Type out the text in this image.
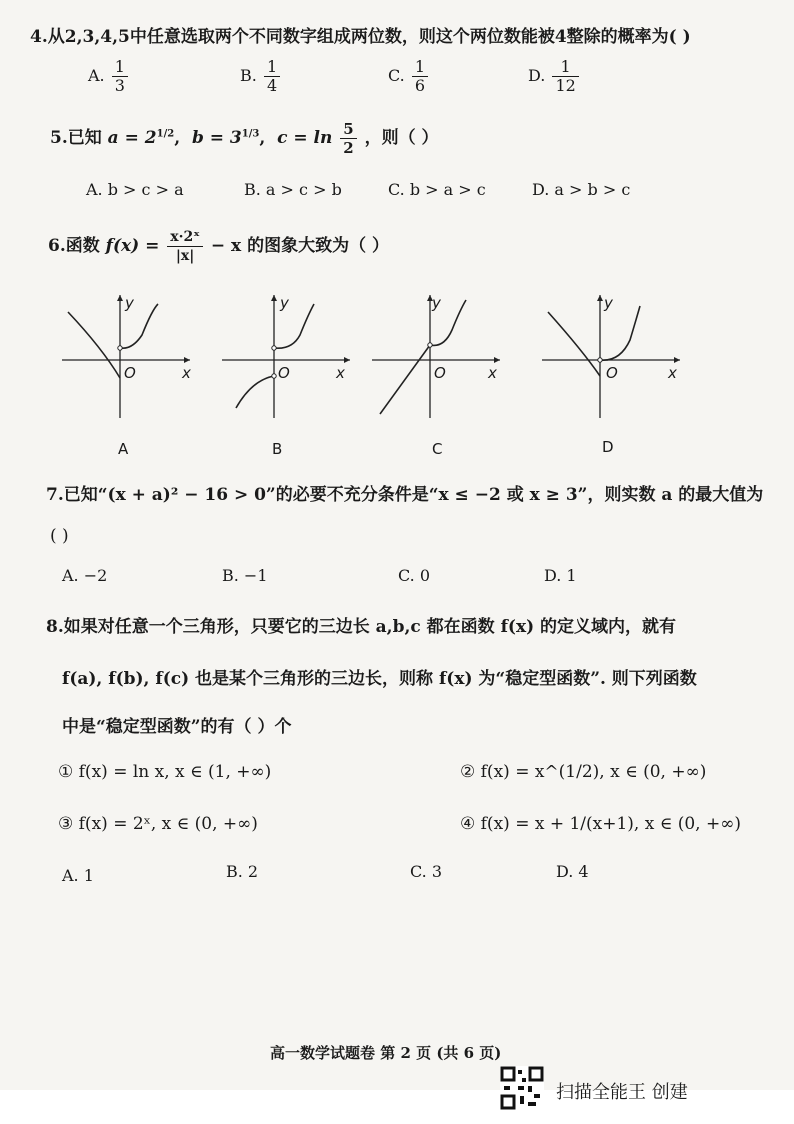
4.从2,3,4,5中任意选取两个不同数字组成两位数，则这个两位数能被4整除的概率为( )
A. $\frac{1}{3}$	B. $\frac{1}{4}$	C. $\frac{1}{6}$	D. $\frac{1}{12}$
5.已知 $a = 2^{1/2}$,  $b = 3^{1/3}$,  $c = \ln \frac{5}{2}$ ，则（ ）
A. b > c > a	B. a > c > b	C. b > a > c	D. a > b > c
6.函数 $f(x) = \frac{\text{x·2ˣ}}{|x|} - x$ 的图象大致为（ ）
y
x
O
A
y
x
O
B
y
x
O
C
y
x
O
D
7.已知“(x + a)² − 16 > 0”的必要不充分条件是“x ≤ −2 或 x ≥ 3”，则实数 a 的最大值为
( )
A. −2	B. −1	C. 0	D. 1
8.如果对任意一个三角形，只要它的三边长 a,b,c 都在函数 f(x) 的定义域内，就有
f(a), f(b), f(c) 也是某个三角形的三边长，则称 f(x) 为“稳定型函数”. 则下列函数
中是“稳定型函数”的有（ ）个
① f(x) = ln x, x ∈ (1, +∞)	② f(x) = x^(1/2), x ∈ (0, +∞)
③ f(x) = 2ˣ, x ∈ (0, +∞)	④ f(x) = x + 1/(x+1), x ∈ (0, +∞)
A. 1	B. 2	C. 3	D. 4
高一数学试题卷 第 2 页 (共 6 页)
扫描全能王 创建
